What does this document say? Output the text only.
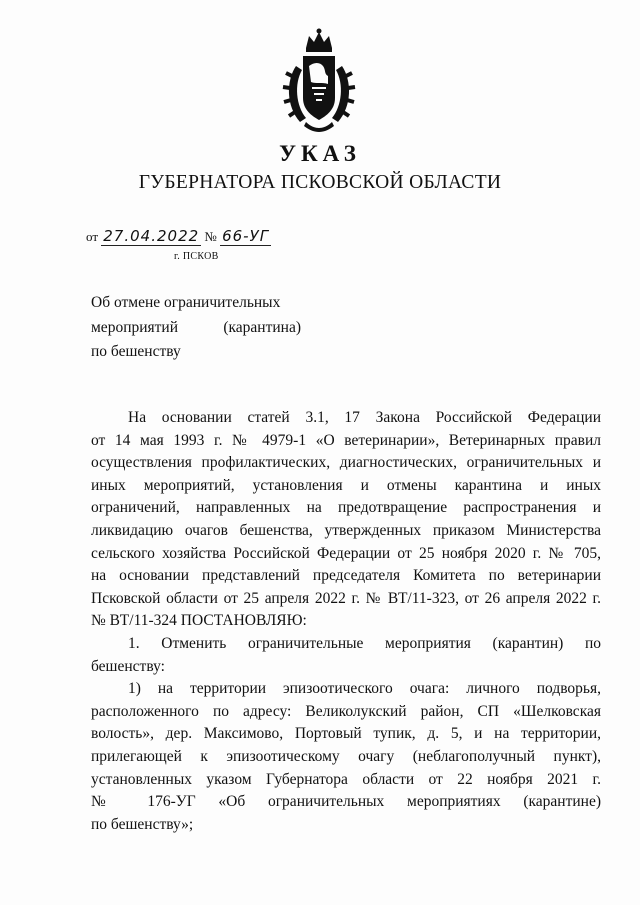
УКАЗ
ГУБЕРНАТОРА ПСКОВСКОЙ ОБЛАСТИ
от 27.04.2022 № 66-УГ
г. ПСКОВ
Об отмене ограничительных
мероприятий (карантина)
по бешенству
На основании статей 3.1, 17 Закона Российской Федерации
от 14 мая 1993 г. № 4979-1 «О ветеринарии», Ветеринарных правил
осуществления профилактических, диагностических, ограничительных и
иных мероприятий, установления и отмены карантина и иных
ограничений, направленных на предотвращение распространения и
ликвидацию очагов бешенства, утвержденных приказом Министерства
сельского хозяйства Российской Федерации от 25 ноября 2020 г. № 705,
на основании представлений председателя Комитета по ветеринарии
Псковской области от 25 апреля 2022 г. № ВТ/11-323, от 26 апреля 2022 г.
№ ВТ/11-324 ПОСТАНОВЛЯЮ:
1. Отменить ограничительные мероприятия (карантин) по
бешенству:
1) на территории эпизоотического очага: личного подворья,
расположенного по адресу: Великолукский район, СП «Шелковская
волость», дер. Максимово, Портовый тупик, д. 5, и на территории,
прилегающей к эпизоотическому очагу (неблагополучный пункт),
установленных указом Губернатора области от 22 ноября 2021 г.
№ 176-УГ «Об ограничительных мероприятиях (карантине)
по бешенству»;
